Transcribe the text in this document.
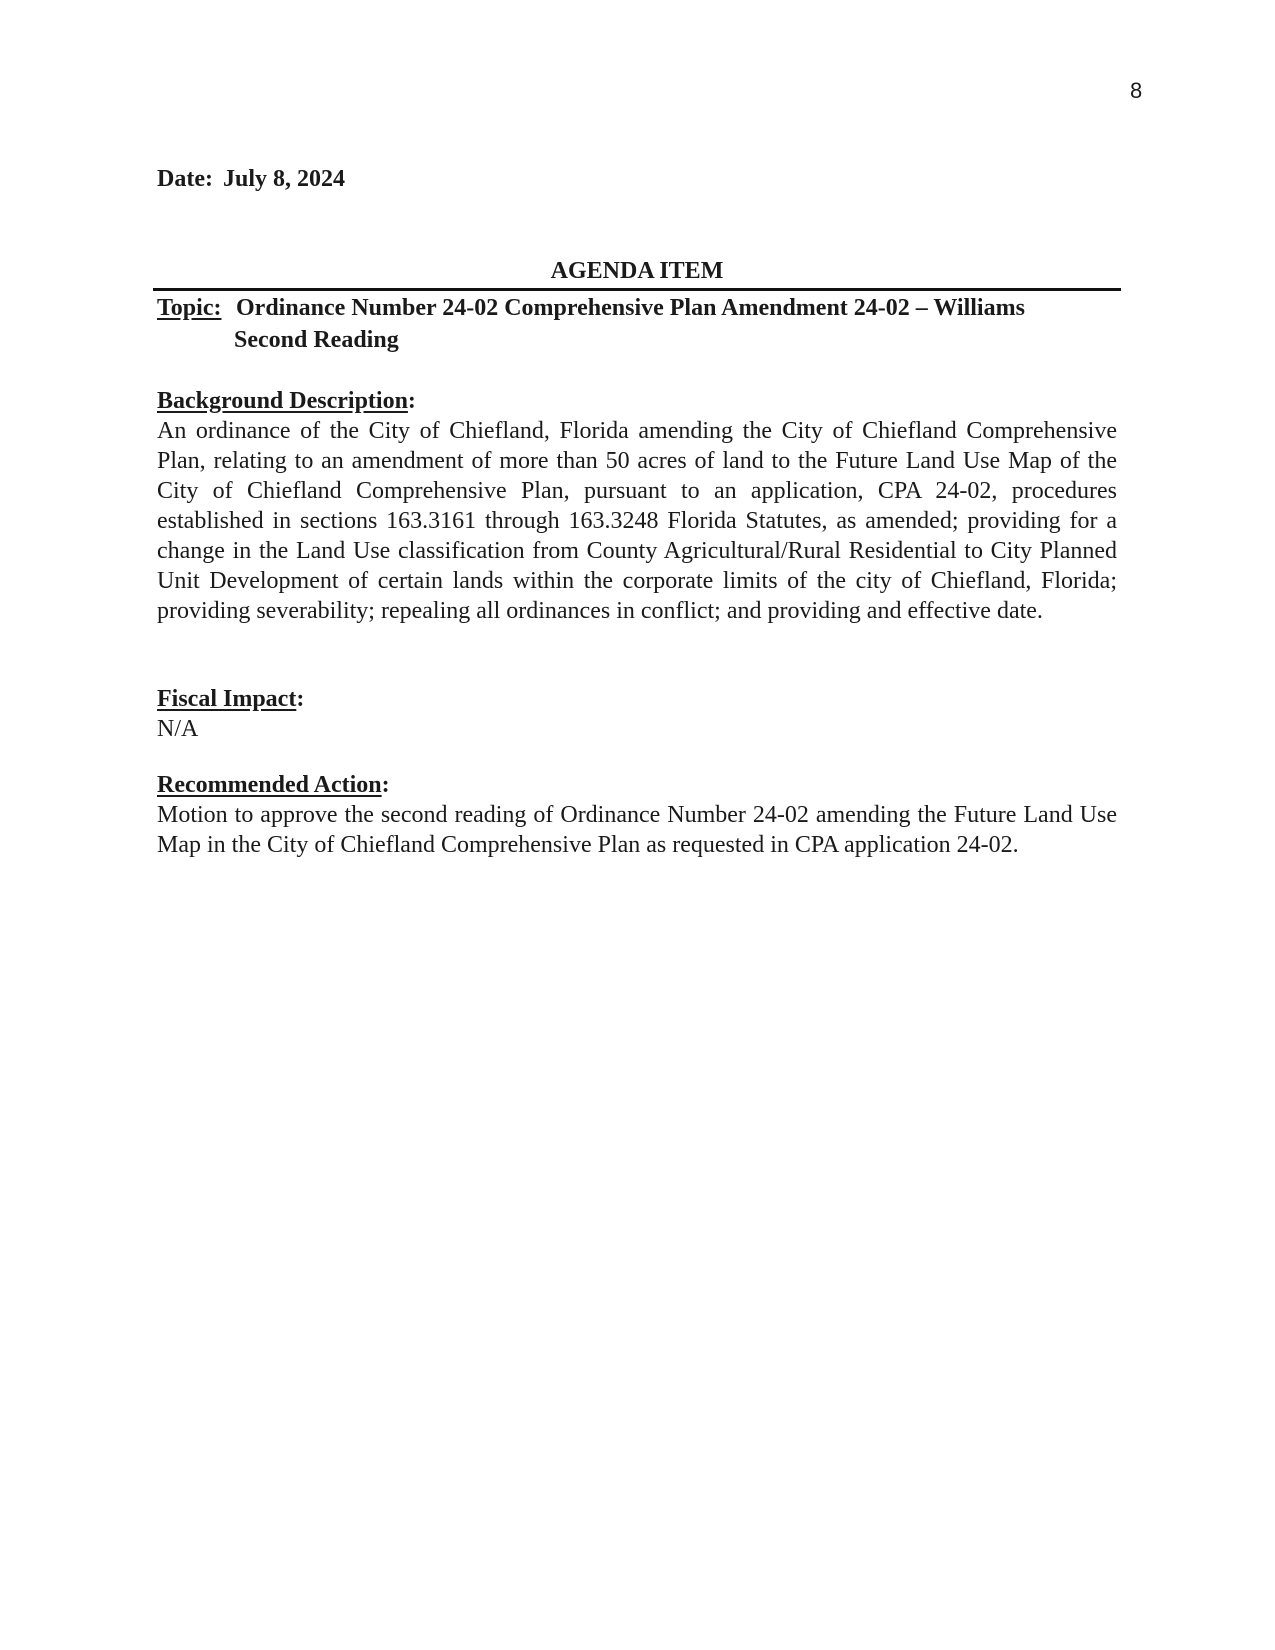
8
Date: July 8, 2024
AGENDA ITEM
Topic: Ordinance Number 24-02 Comprehensive Plan Amendment 24-02 – Williams
Second Reading
Background Description:
An ordinance of the City of Chiefland, Florida amending the City of Chiefland Comprehensive Plan, relating to an amendment of more than 50 acres of land to the Future Land Use Map of the City of Chiefland Comprehensive Plan, pursuant to an application, CPA 24-02, procedures established in sections 163.3161 through 163.3248 Florida Statutes, as amended; providing for a change in the Land Use classification from County Agricultural/Rural Residential to City Planned Unit Development of certain lands within the corporate limits of the city of Chiefland, Florida; providing severability; repealing all ordinances in conflict; and providing and effective date.
Fiscal Impact:
N/A
Recommended Action:
Motion to approve the second reading of Ordinance Number 24-02 amending the Future Land Use Map in the City of Chiefland Comprehensive Plan as requested in CPA application 24-02.
